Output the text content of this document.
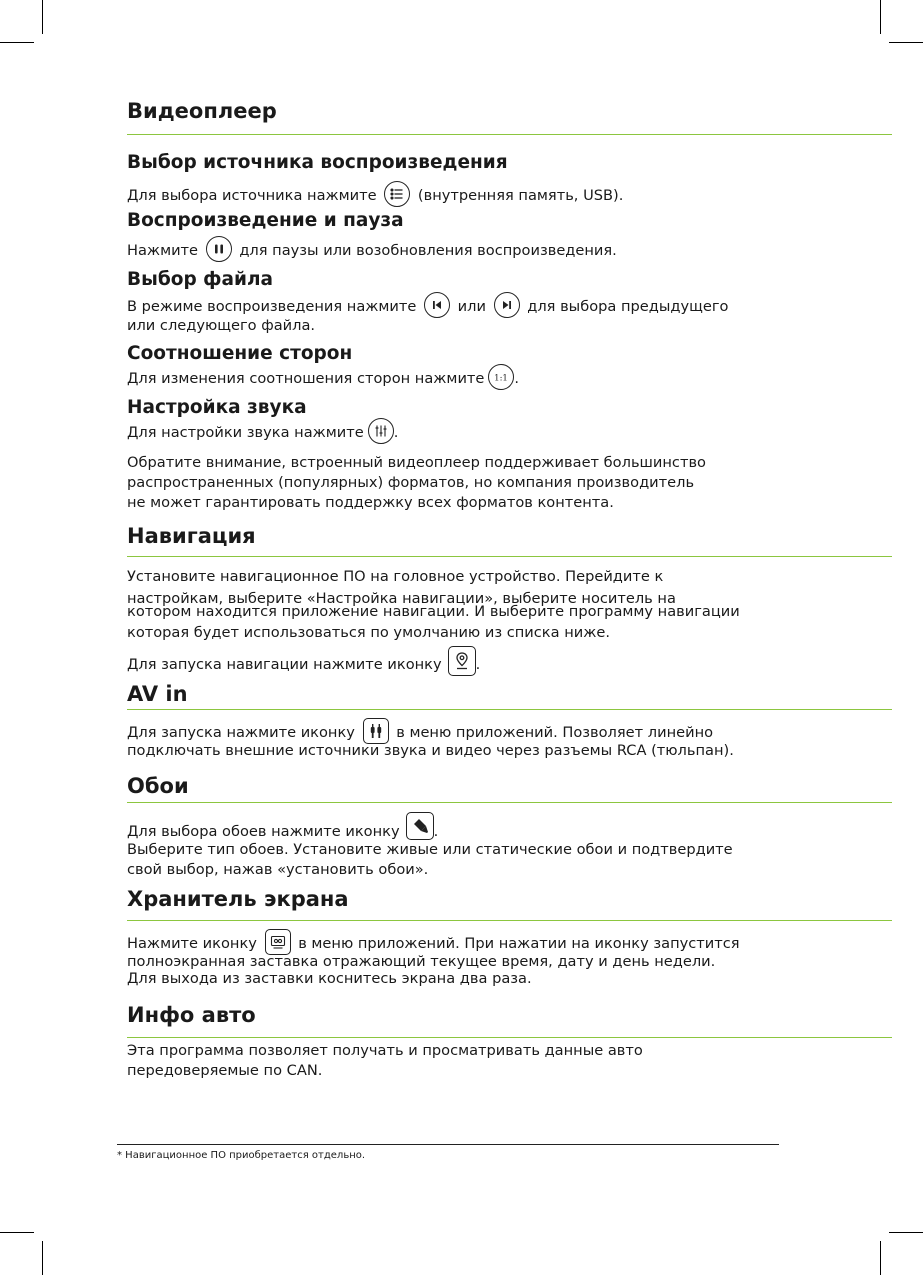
Видеоплеер
Выбор источника воспроизведения

Для выбора источника нажмите	(внутренняя память, USB).

Воспроизведение и пауза

Нажмите	для паузы или возобновления воспроизведения.

Выбор файла

В режиме воспроизведения нажмите	или	для выбора предыдущего

или следующего файла.

Соотношение сторон

Для изменения соотношения сторон нажмите 1:1 .

Настройка звука

Для настройки звука нажмите .

Обратите внимание, встроенный видеоплеер поддерживает большинство

распространенных (популярных) форматов, но компания производитель

не может гарантировать поддержку всех форматов контента.

Навигация

Установите навигационное ПО на головное устройство. Перейдите к

настройкам, выберите «Настройка навигации», выберите носитель на

котором находится приложение навигации. И выберите программу навигации

которая будет использоваться по умолчанию из списка ниже.

Для запуска навигации нажмите иконку .

AV in

Для запуска нажмите иконку	в меню приложений. Позволяет линейно

подключать внешние источники звука и видео через разъемы RCA (тюльпан).

Обои

Для выбора обоев нажмите иконку .

Выберите тип обоев. Установите живые или статические обои и подтвердите

свой выбор, нажав «установить обои».

Хранитель экрана

Нажмите иконку	в меню приложений. При нажатии на иконку запустится

полноэкранная заставка отражающий текущее время, дату и день недели.

Для выхода из заставки коснитесь экрана два раза.

Инфо авто

Эта программа позволяет получать и просматривать данные авто

передоверяемые по CAN.

* Навигационное ПО приобретается отдельно.
